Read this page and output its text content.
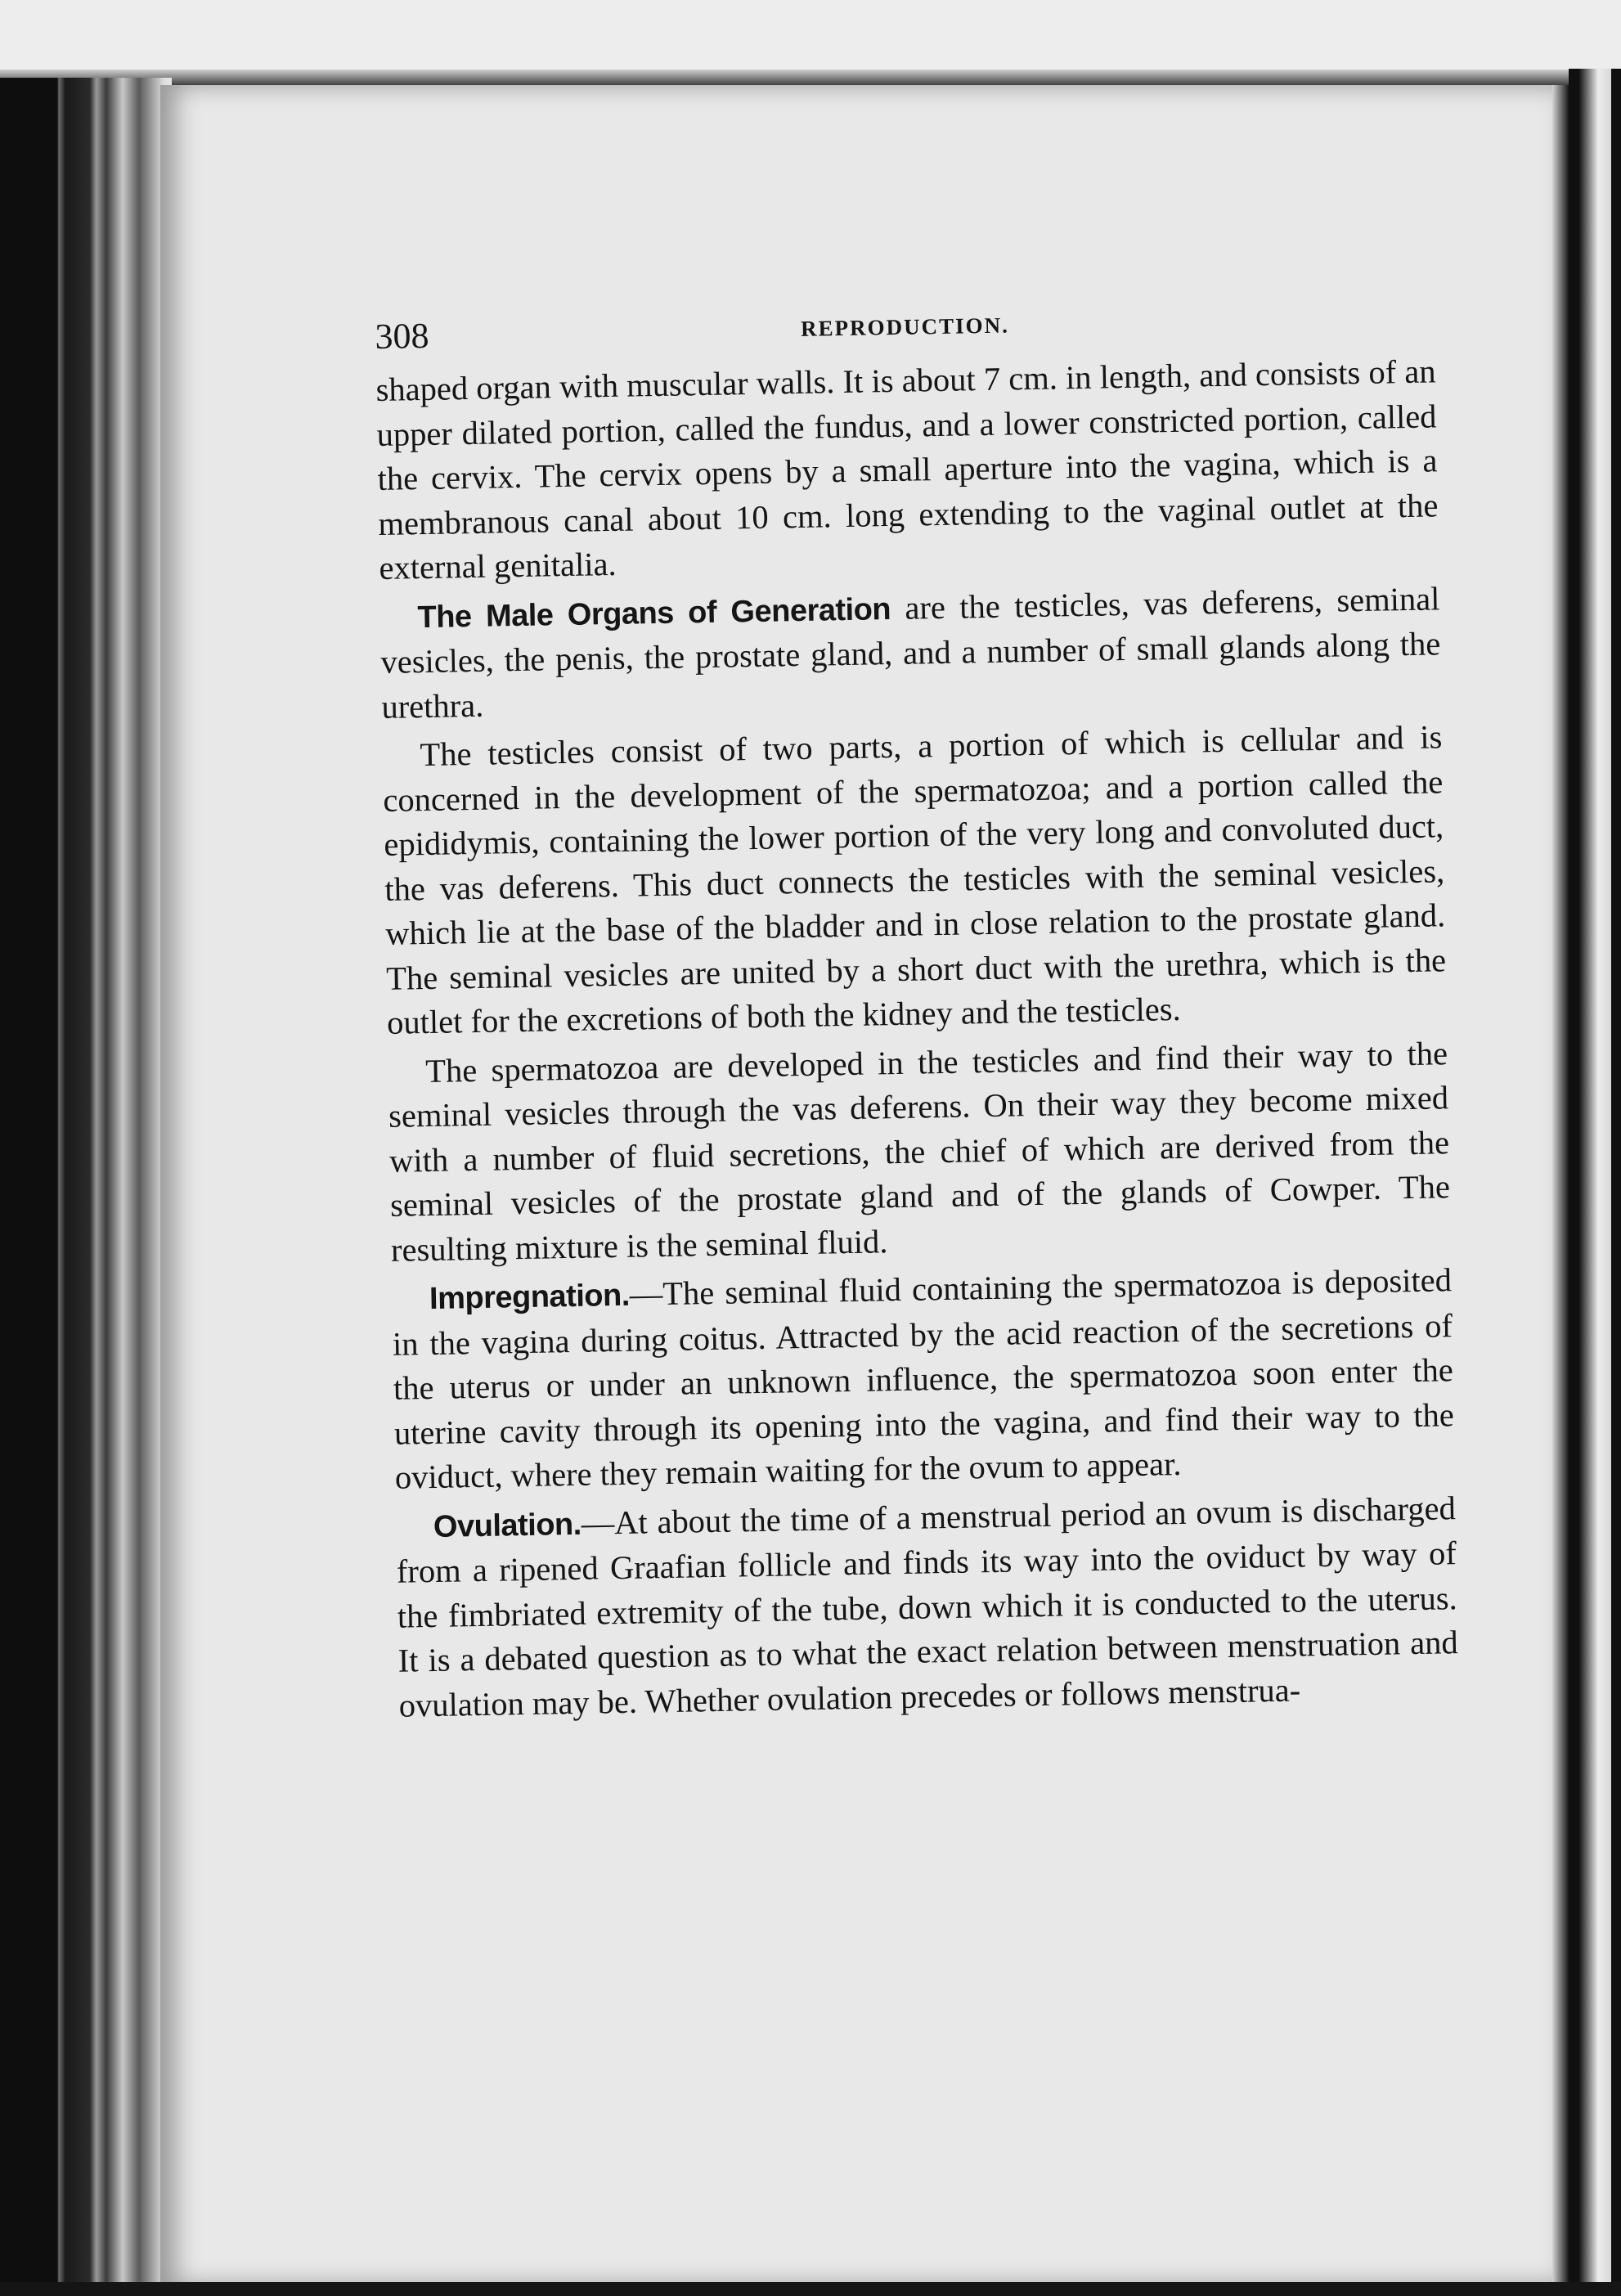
308	REPRODUCTION.

shaped organ with muscular walls. It is about 7 cm. in length, and consists of an upper dilated portion, called the fundus, and a lower constricted portion, called the cervix. The cervix opens by a small aperture into the vagina, which is a membranous canal about 10 cm. long extending to the vaginal outlet at the external genitalia.

The Male Organs of Generation are the testicles, vas deferens, seminal vesicles, the penis, the prostate gland, and a number of small glands along the urethra.

The testicles consist of two parts, a portion of which is cellular and is concerned in the development of the spermatozoa; and a portion called the epididymis, containing the lower portion of the very long and convoluted duct, the vas deferens. This duct connects the testicles with the seminal vesicles, which lie at the base of the bladder and in close relation to the prostate gland. The seminal vesicles are united by a short duct with the urethra, which is the outlet for the excretions of both the kidney and the testicles.

The spermatozoa are developed in the testicles and find their way to the seminal vesicles through the vas deferens. On their way they become mixed with a number of fluid secretions, the chief of which are derived from the seminal vesicles of the prostate gland and of the glands of Cowper. The resulting mixture is the seminal fluid.

Impregnation.—The seminal fluid containing the spermatozoa is deposited in the vagina during coitus. Attracted by the acid reaction of the secretions of the uterus or under an unknown influence, the spermatozoa soon enter the uterine cavity through its opening into the vagina, and find their way to the oviduct, where they remain waiting for the ovum to appear.

Ovulation.—At about the time of a menstrual period an ovum is discharged from a ripened Graafian follicle and finds its way into the oviduct by way of the fimbriated extremity of the tube, down which it is conducted to the uterus. It is a debated question as to what the exact relation between menstruation and ovulation may be. Whether ovulation precedes or follows menstrua-
